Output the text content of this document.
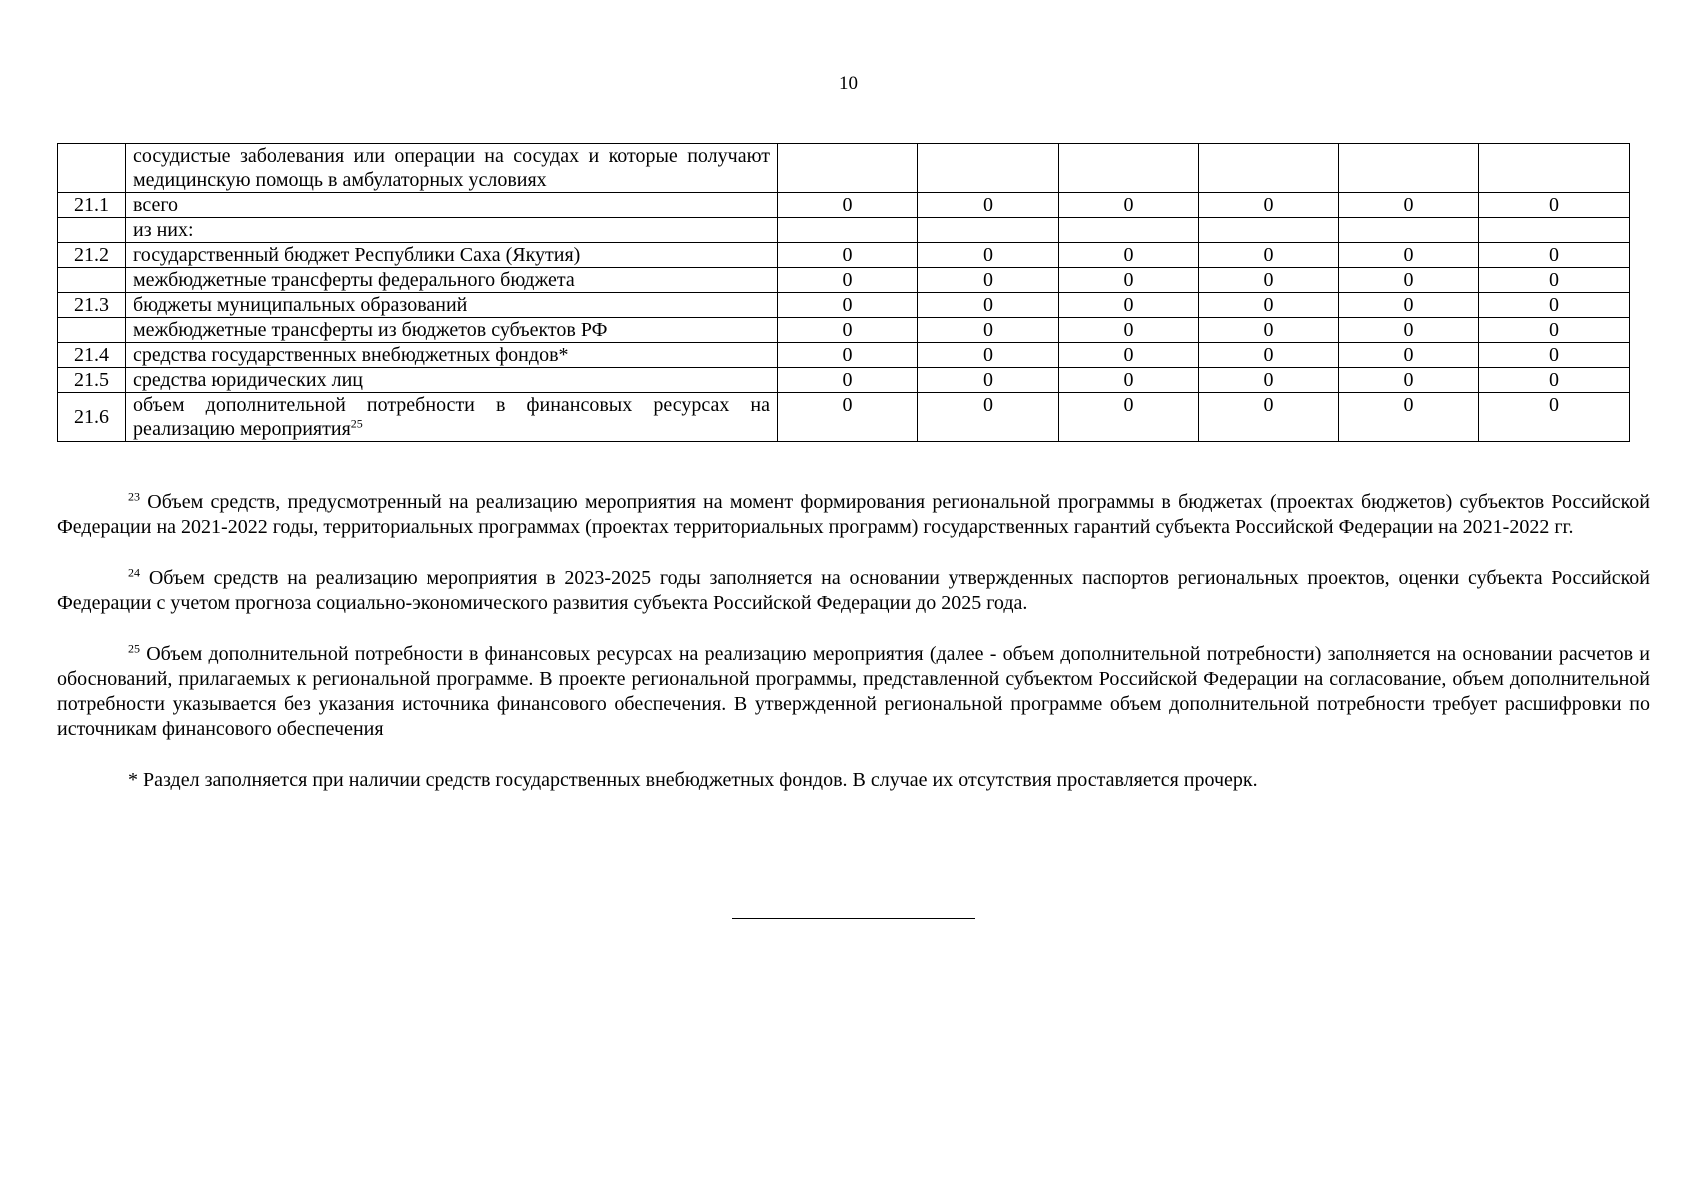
10
	сосудистые заболевания или операции на сосудах и которые получают медицинскую помощь в амбулаторных условиях						
21.1	всего	0	0	0	0	0	0
	из них:						
21.2	государственный бюджет Республики Саха (Якутия)	0	0	0	0	0	0
	межбюджетные трансферты федерального бюджета	0	0	0	0	0	0
21.3	бюджеты муниципальных образований	0	0	0	0	0	0
	межбюджетные трансферты из бюджетов субъектов РФ	0	0	0	0	0	0
21.4	средства государственных внебюджетных фондов*	0	0	0	0	0	0
21.5	средства юридических лиц	0	0	0	0	0	0
21.6	объем дополнительной потребности в финансовых ресурсах на реализацию мероприятия$^{25}$	0	0	0	0	0	0

$^{23}$ Объем средств, предусмотренный на реализацию мероприятия на момент формирования региональной программы в бюджетах (проектах бюджетов) субъектов Российской Федерации на 2021-2022 годы, территориальных программах (проектах территориальных программ) государственных гарантий субъекта Российской Федерации на 2021-2022 гг.

$^{24}$ Объем средств на реализацию мероприятия в 2023-2025 годы заполняется на основании утвержденных паспортов региональных проектов, оценки субъекта Российской Федерации с учетом прогноза социально-экономического развития субъекта Российской Федерации до 2025 года.

$^{25}$ Объем дополнительной потребности в финансовых ресурсах на реализацию мероприятия (далее - объем дополнительной потребности) заполняется на основании расчетов и обоснований, прилагаемых к региональной программе. В проекте региональной программы, представленной субъектом Российской Федерации на согласование, объем дополнительной потребности указывается без указания источника финансового обеспечения. В утвержденной региональной программе объем дополнительной потребности требует расшифровки по источникам финансового обеспечения

* Раздел заполняется при наличии средств государственных внебюджетных фондов. В случае их отсутствия проставляется прочерк.
